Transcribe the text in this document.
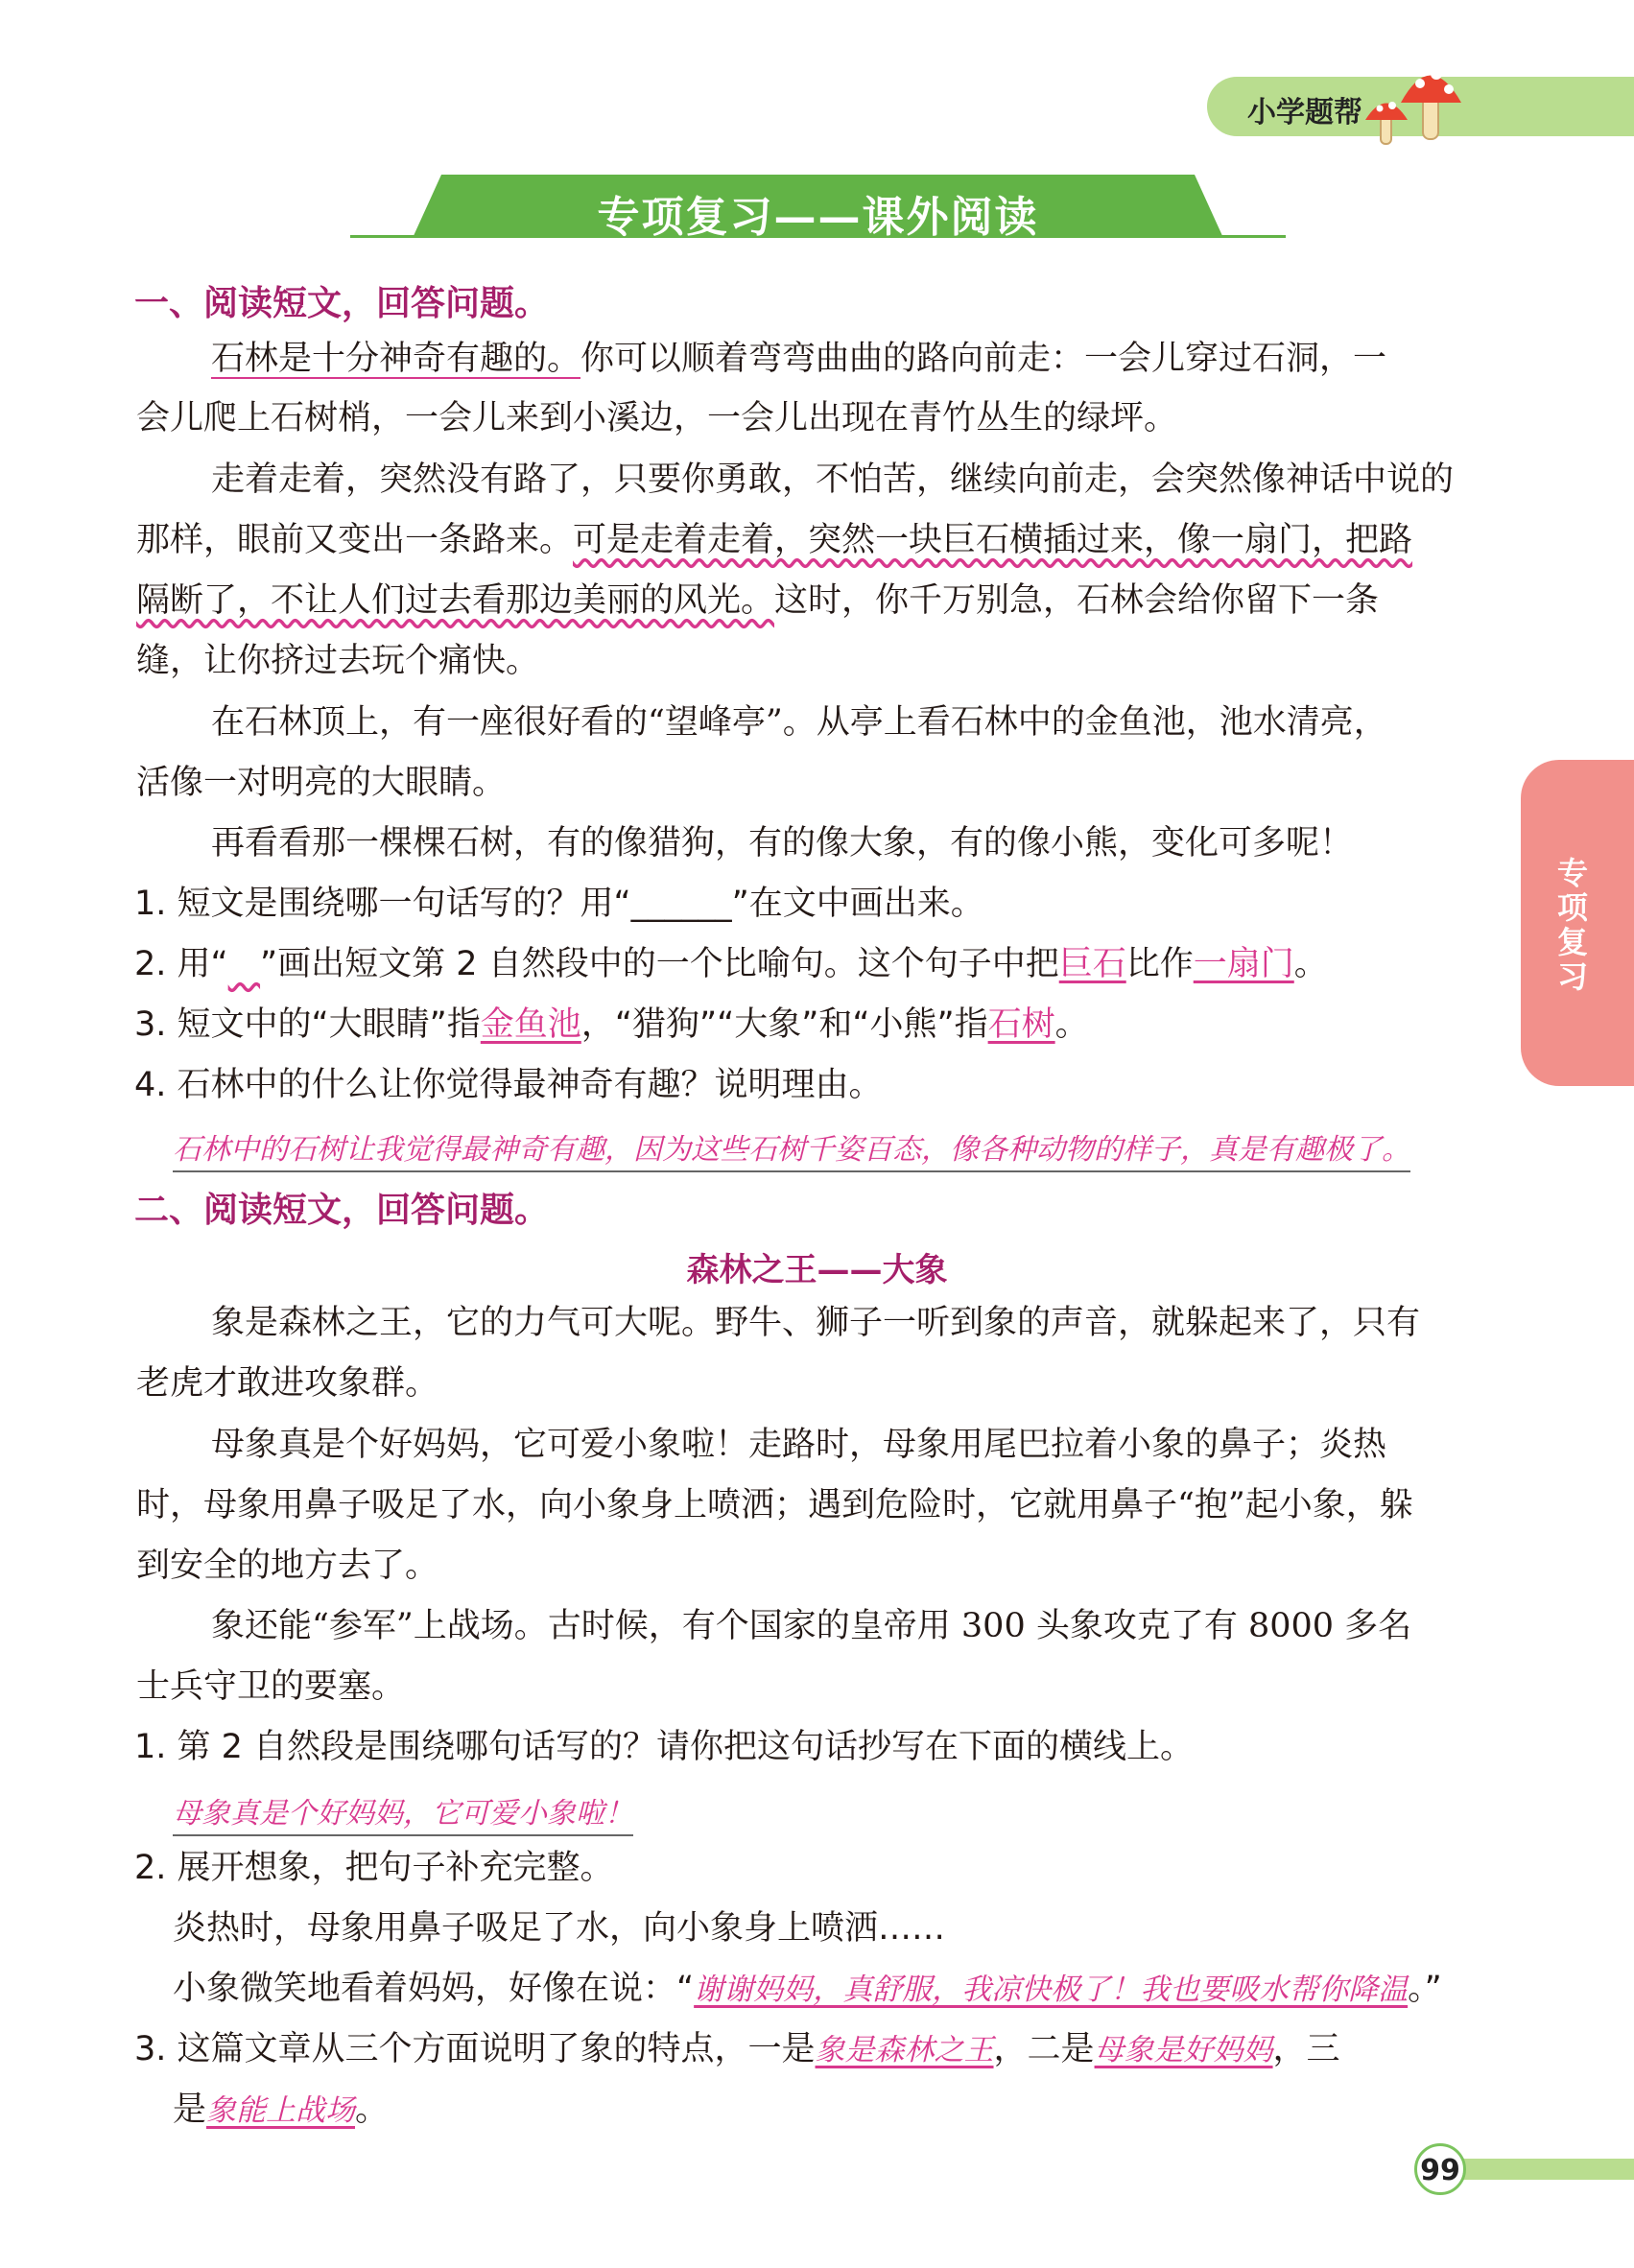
小学题帮
专项复习——课外阅读
专项复习
一、阅读短文，回答问题。
石林是十分神奇有趣的。你可以顺着弯弯曲曲的路向前走：一会儿穿过石洞，一
会儿爬上石树梢，一会儿来到小溪边，一会儿出现在青竹丛生的绿坪。
走着走着，突然没有路了，只要你勇敢，不怕苦，继续向前走，会突然像神话中说的
那样，眼前又变出一条路来。可是走着走着，突然一块巨石横插过来，像一扇门，把路
隔断了，不让人们过去看那边美丽的风光。这时，你千万别急，石林会给你留下一条
缝，让你挤过去玩个痛快。
在石林顶上，有一座很好看的“望峰亭”。从亭上看石林中的金鱼池，池水清亮，
活像一对明亮的大眼睛。
再看看那一棵棵石树，有的像猎狗，有的像大象，有的像小熊，变化可多呢！
1. 短文是围绕哪一句话写的？用“______”在文中画出来。
2. 用“ ”画出短文第 2 自然段中的一个比喻句。这个句子中把巨石比作一扇门。
3. 短文中的“大眼睛”指金鱼池，“猎狗”“大象”和“小熊”指石树。
4. 石林中的什么让你觉得最神奇有趣？说明理由。
石林中的石树让我觉得最神奇有趣，因为这些石树千姿百态，像各种动物的样子，真是有趣极了。
二、阅读短文，回答问题。
森林之王——大象
象是森林之王，它的力气可大呢。野牛、狮子一听到象的声音，就躲起来了，只有
老虎才敢进攻象群。
母象真是个好妈妈，它可爱小象啦！走路时，母象用尾巴拉着小象的鼻子；炎热
时，母象用鼻子吸足了水，向小象身上喷洒；遇到危险时，它就用鼻子“抱”起小象，躲
到安全的地方去了。
象还能“参军”上战场。古时候，有个国家的皇帝用 300 头象攻克了有 8000 多名
士兵守卫的要塞。
1. 第 2 自然段是围绕哪句话写的？请你把这句话抄写在下面的横线上。
母象真是个好妈妈，它可爱小象啦！
2. 展开想象，把句子补充完整。
炎热时，母象用鼻子吸足了水，向小象身上喷洒……
小象微笑地看着妈妈，好像在说：“谢谢妈妈，真舒服，我凉快极了！我也要吸水帮你降温。”
3. 这篇文章从三个方面说明了象的特点，一是象是森林之王，二是母象是好妈妈，三
是象能上战场。
99
